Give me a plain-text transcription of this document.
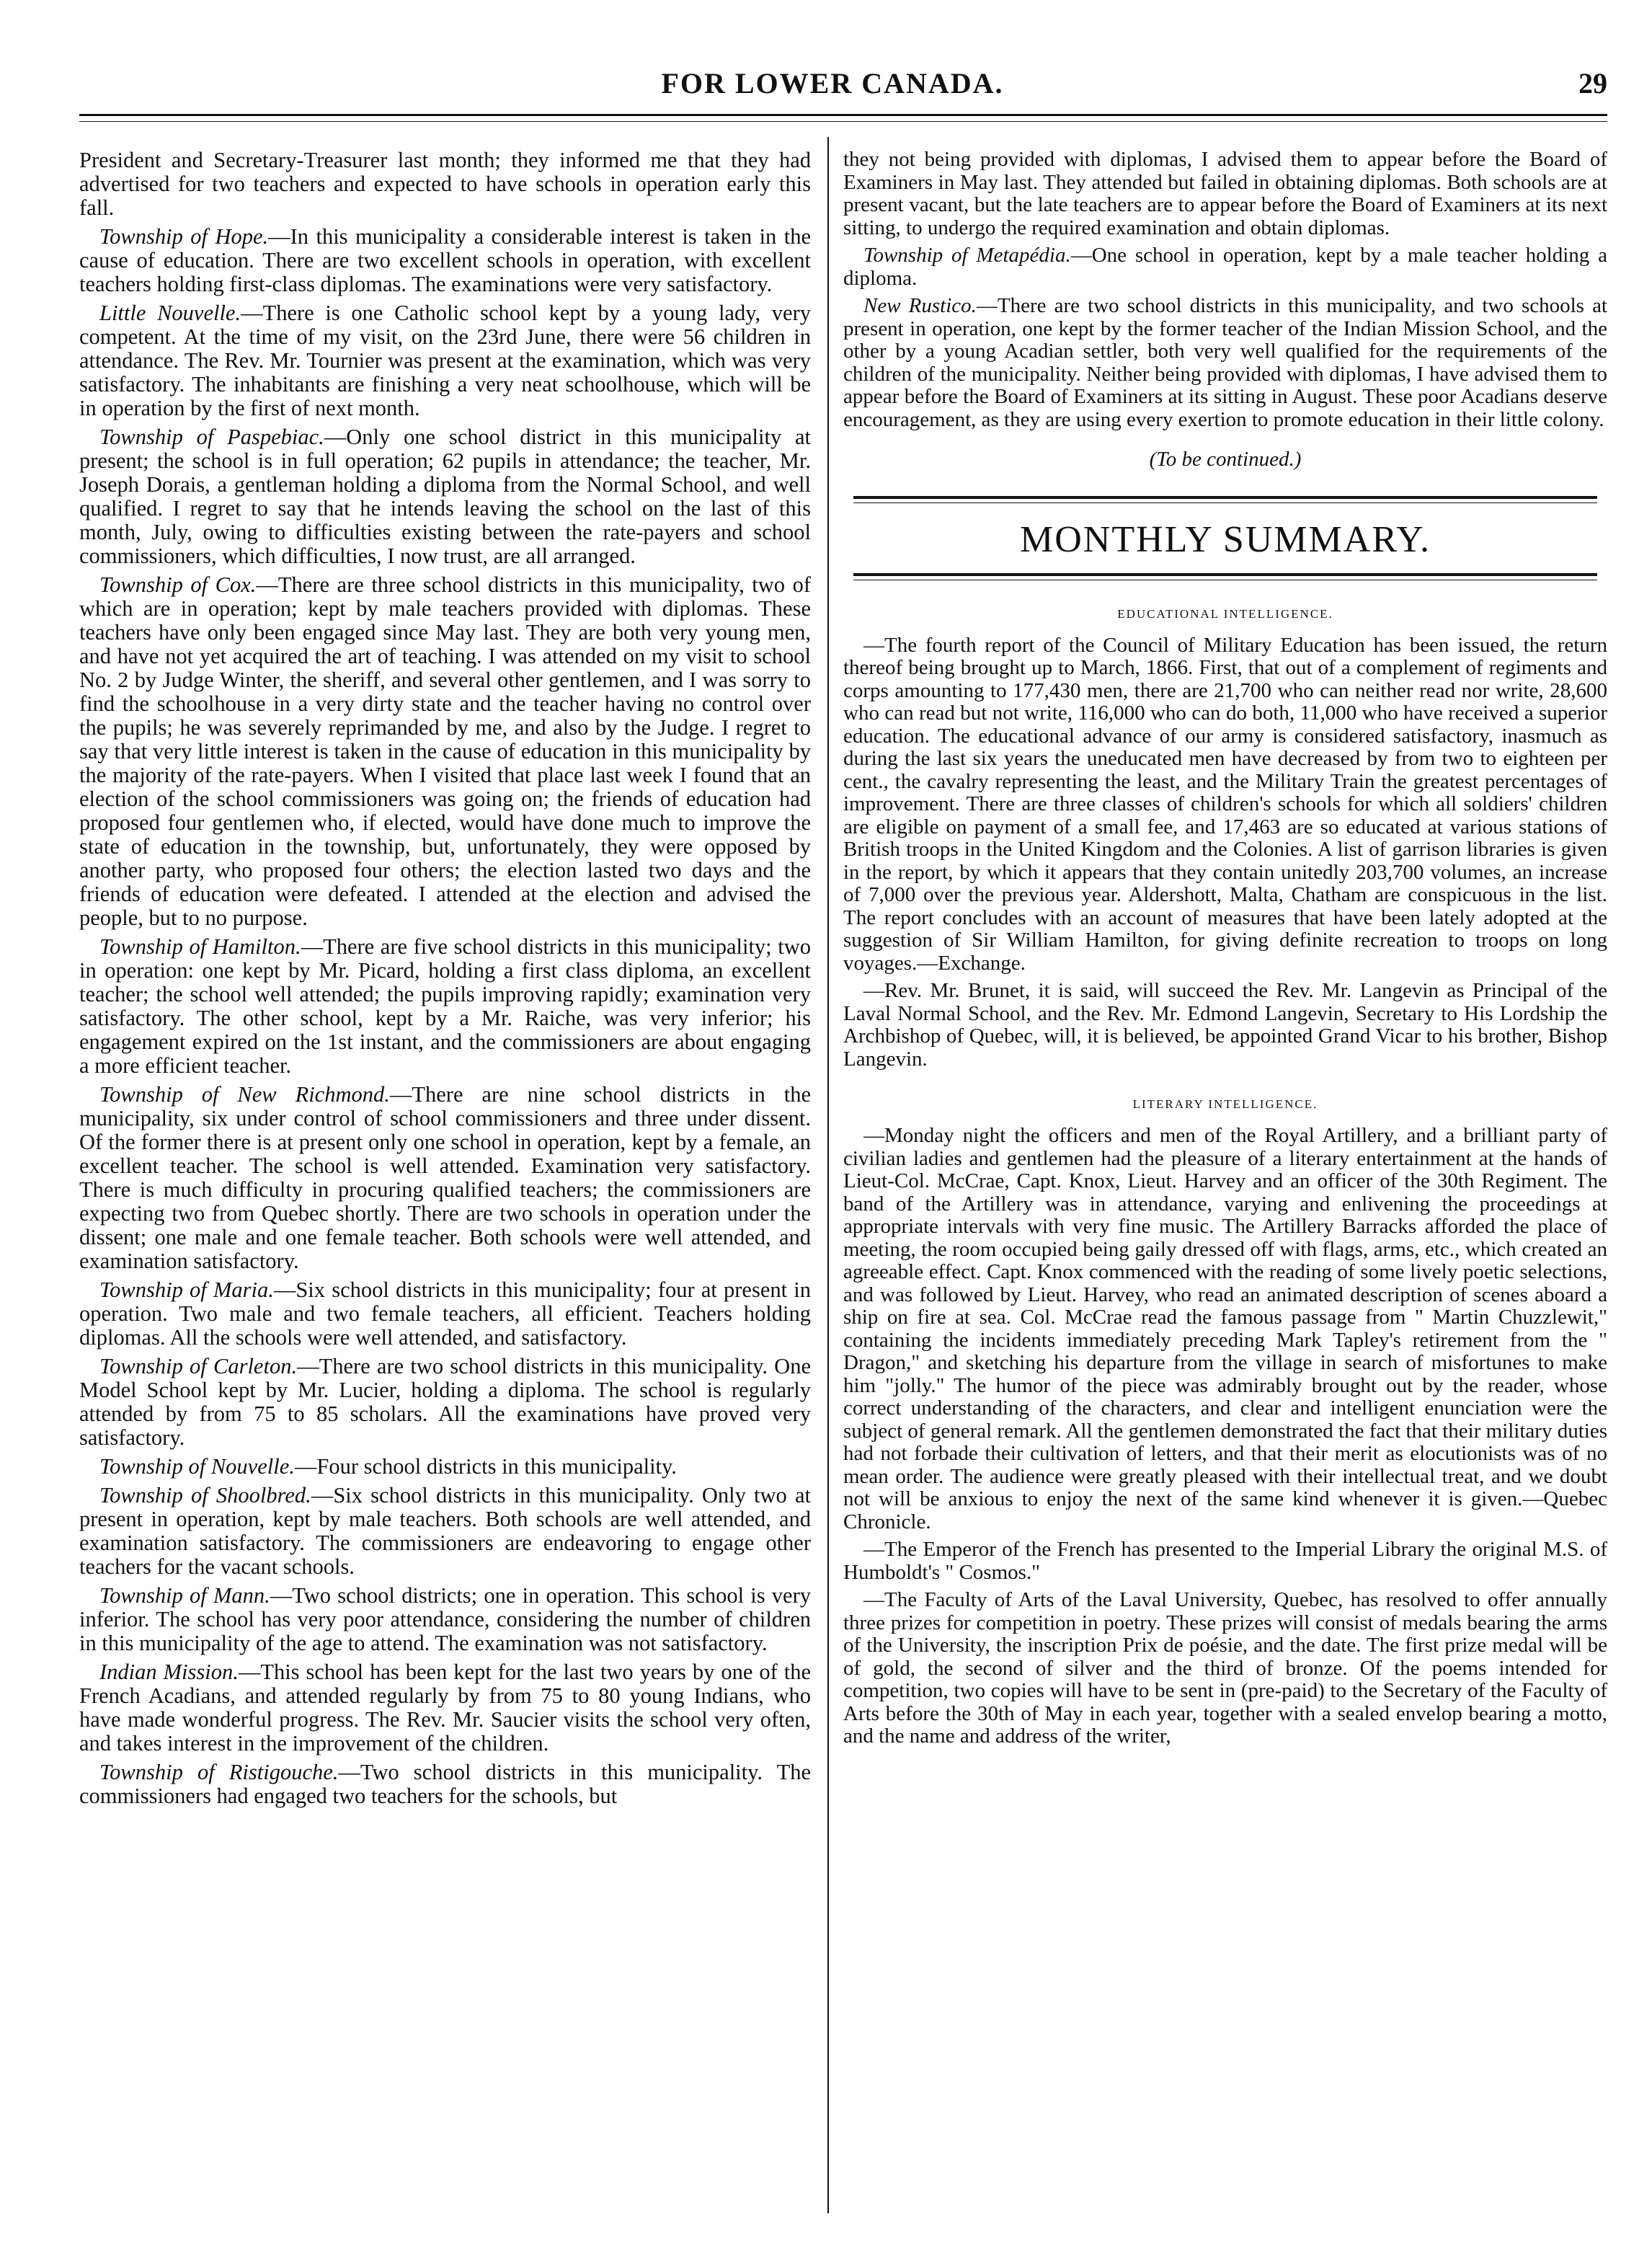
FOR LOWER CANADA.	29

President and Secretary-Treasurer last month; they informed me that they had advertised for two teachers and expected to have schools in operation early this fall.

Township of Hope.—In this municipality a considerable interest is taken in the cause of education. There are two excellent schools in operation, with excellent teachers holding first-class diplomas. The examinations were very satisfactory.

Little Nouvelle.—There is one Catholic school kept by a young lady, very competent. At the time of my visit, on the 23rd June, there were 56 children in attendance. The Rev. Mr. Tournier was present at the examination, which was very satisfactory. The inhabitants are finishing a very neat schoolhouse, which will be in operation by the first of next month.

Township of Paspebiac.—Only one school district in this municipality at present; the school is in full operation; 62 pupils in attendance; the teacher, Mr. Joseph Dorais, a gentleman holding a diploma from the Normal School, and well qualified. I regret to say that he intends leaving the school on the last of this month, July, owing to difficulties existing between the rate-payers and school commissioners, which difficulties, I now trust, are all arranged.

Township of Cox.—There are three school districts in this municipality, two of which are in operation; kept by male teachers provided with diplomas. These teachers have only been engaged since May last. They are both very young men, and have not yet acquired the art of teaching. I was attended on my visit to school No. 2 by Judge Winter, the sheriff, and several other gentlemen, and I was sorry to find the schoolhouse in a very dirty state and the teacher having no control over the pupils; he was severely reprimanded by me, and also by the Judge. I regret to say that very little interest is taken in the cause of education in this municipality by the majority of the rate-payers. When I visited that place last week I found that an election of the school commissioners was going on; the friends of education had proposed four gentlemen who, if elected, would have done much to improve the state of education in the township, but, unfortunately, they were opposed by another party, who proposed four others; the election lasted two days and the friends of education were defeated. I attended at the election and advised the people, but to no purpose.

Township of Hamilton.—There are five school districts in this municipality; two in operation: one kept by Mr. Picard, holding a first class diploma, an excellent teacher; the school well attended; the pupils improving rapidly; examination very satisfactory. The other school, kept by a Mr. Raiche, was very inferior; his engagement expired on the 1st instant, and the commissioners are about engaging a more efficient teacher.

Township of New Richmond.—There are nine school districts in the municipality, six under control of school commissioners and three under dissent. Of the former there is at present only one school in operation, kept by a female, an excellent teacher. The school is well attended. Examination very satisfactory. There is much difficulty in procuring qualified teachers; the commissioners are expecting two from Quebec shortly. There are two schools in operation under the dissent; one male and one female teacher. Both schools were well attended, and examination satisfactory.

Township of Maria.—Six school districts in this municipality; four at present in operation. Two male and two female teachers, all efficient. Teachers holding diplomas. All the schools were well attended, and satisfactory.

Township of Carleton.—There are two school districts in this municipality. One Model School kept by Mr. Lucier, holding a diploma. The school is regularly attended by from 75 to 85 scholars. All the examinations have proved very satisfactory.

Township of Nouvelle.—Four school districts in this municipality.

Township of Shoolbred.—Six school districts in this municipality. Only two at present in operation, kept by male teachers. Both schools are well attended, and examination satisfactory. The commissioners are endeavoring to engage other teachers for the vacant schools.

Township of Mann.—Two school districts; one in operation. This school is very inferior. The school has very poor attendance, considering the number of children in this municipality of the age to attend. The examination was not satisfactory.

Indian Mission.—This school has been kept for the last two years by one of the French Acadians, and attended regularly by from 75 to 80 young Indians, who have made wonderful progress. The Rev. Mr. Saucier visits the school very often, and takes interest in the improvement of the children.

Township of Ristigouche.—Two school districts in this municipality. The commissioners had engaged two teachers for the schools, but

they not being provided with diplomas, I advised them to appear before the Board of Examiners in May last. They attended but failed in obtaining diplomas. Both schools are at present vacant, but the late teachers are to appear before the Board of Examiners at its next sitting, to undergo the required examination and obtain diplomas.

Township of Metapédia.—One school in operation, kept by a male teacher holding a diploma.

New Rustico.—There are two school districts in this municipality, and two schools at present in operation, one kept by the former teacher of the Indian Mission School, and the other by a young Acadian settler, both very well qualified for the requirements of the children of the municipality. Neither being provided with diplomas, I have advised them to appear before the Board of Examiners at its sitting in August. These poor Acadians deserve encouragement, as they are using every exertion to promote education in their little colony.

(To be continued.)

MONTHLY SUMMARY.
EDUCATIONAL INTELLIGENCE.

—The fourth report of the Council of Military Education has been issued, the return thereof being brought up to March, 1866. First, that out of a complement of regiments and corps amounting to 177,430 men, there are 21,700 who can neither read nor write, 28,600 who can read but not write, 116,000 who can do both, 11,000 who have received a superior education. The educational advance of our army is considered satisfactory, inasmuch as during the last six years the uneducated men have decreased by from two to eighteen per cent., the cavalry representing the least, and the Military Train the greatest percentages of improvement. There are three classes of children's schools for which all soldiers' children are eligible on payment of a small fee, and 17,463 are so educated at various stations of British troops in the United Kingdom and the Colonies. A list of garrison libraries is given in the report, by which it appears that they contain unitedly 203,700 volumes, an increase of 7,000 over the previous year. Aldershott, Malta, Chatham are conspicuous in the list. The report concludes with an account of measures that have been lately adopted at the suggestion of Sir William Hamilton, for giving definite recreation to troops on long voyages.—Exchange.

—Rev. Mr. Brunet, it is said, will succeed the Rev. Mr. Langevin as Principal of the Laval Normal School, and the Rev. Mr. Edmond Langevin, Secretary to His Lordship the Archbishop of Quebec, will, it is believed, be appointed Grand Vicar to his brother, Bishop Langevin.

LITERARY INTELLIGENCE.

—Monday night the officers and men of the Royal Artillery, and a brilliant party of civilian ladies and gentlemen had the pleasure of a literary entertainment at the hands of Lieut-Col. McCrae, Capt. Knox, Lieut. Harvey and an officer of the 30th Regiment. The band of the Artillery was in attendance, varying and enlivening the proceedings at appropriate intervals with very fine music. The Artillery Barracks afforded the place of meeting, the room occupied being gaily dressed off with flags, arms, etc., which created an agreeable effect. Capt. Knox commenced with the reading of some lively poetic selections, and was followed by Lieut. Harvey, who read an animated description of scenes aboard a ship on fire at sea. Col. McCrae read the famous passage from " Martin Chuzzlewit," containing the incidents immediately preceding Mark Tapley's retirement from the " Dragon," and sketching his departure from the village in search of misfortunes to make him "jolly." The humor of the piece was admirably brought out by the reader, whose correct understanding of the characters, and clear and intelligent enunciation were the subject of general remark. All the gentlemen demonstrated the fact that their military duties had not forbade their cultivation of letters, and that their merit as elocutionists was of no mean order. The audience were greatly pleased with their intellectual treat, and we doubt not will be anxious to enjoy the next of the same kind whenever it is given.—Quebec Chronicle.

—The Emperor of the French has presented to the Imperial Library the original M.S. of Humboldt's " Cosmos."

—The Faculty of Arts of the Laval University, Quebec, has resolved to offer annually three prizes for competition in poetry. These prizes will consist of medals bearing the arms of the University, the inscription Prix de poésie, and the date. The first prize medal will be of gold, the second of silver and the third of bronze. Of the poems intended for competition, two copies will have to be sent in (pre-paid) to the Secretary of the Faculty of Arts before the 30th of May in each year, together with a sealed envelop bearing a motto, and the name and address of the writer,
